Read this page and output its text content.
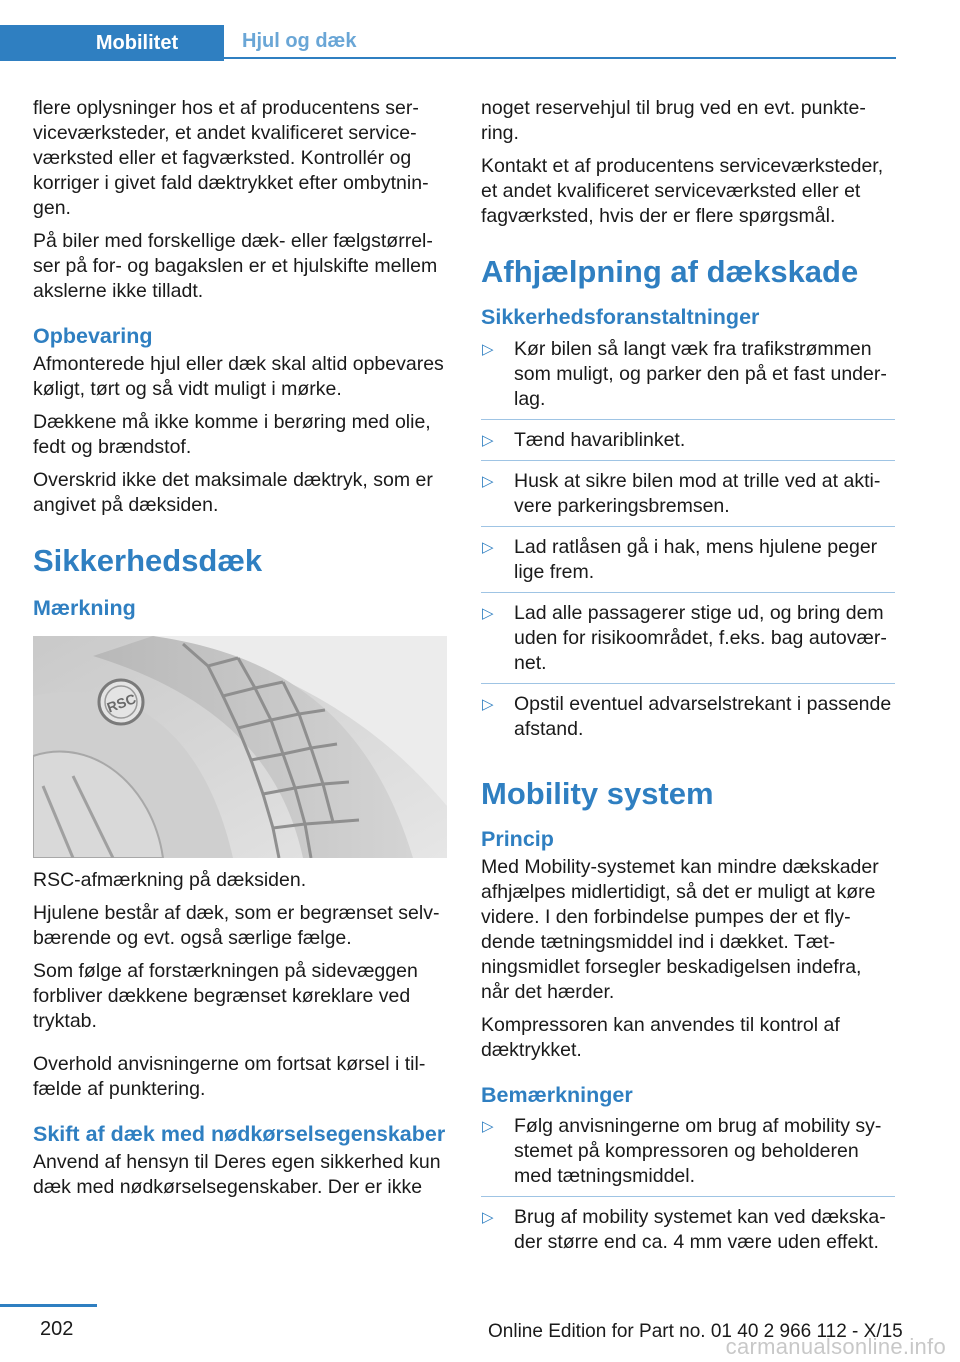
Mobilitet	Hjul og dæk

flere oplysninger hos et af producentens serviceværksteder, et andet kvalificeret serviceværksted eller et fagværksted. Kontrollér og korriger i givet fald dæktrykket efter ombytningen.

På biler med forskellige dæk- eller fælgstørrelser på for- og bagakslen er et hjulskifte mellem akslerne ikke tilladt.

Opbevaring

Afmonterede hjul eller dæk skal altid opbevares køligt, tørt og så vidt muligt i mørke.

Dækkene må ikke komme i berøring med olie, fedt og brændstof.

Overskrid ikke det maksimale dæktryk, som er angivet på dæksiden.

Sikkerhedsdæk
Mærkning
RSC

RSC-afmærkning på dæksiden.

Hjulene består af dæk, som er begrænset selvbærende og evt. også særlige fælge.

Som følge af forstærkningen på sidevæggen forbliver dækkene begrænset køreklare ved tryktab.

Overhold anvisningerne om fortsat kørsel i tilfælde af punktering.

Skift af dæk med nødkørselsegenskaber

Anvend af hensyn til Deres egen sikkerhed kun dæk med nødkørselsegenskaber. Der er ikke

noget reservehjul til brug ved en evt. punktering.

Kontakt et af producentens serviceværksteder, et andet kvalificeret serviceværksted eller et fagværksted, hvis der er flere spørgsmål.

Afhjælpning af dækskade
Sikkerhedsforanstaltninger
▷ Kør bilen så langt væk fra trafikstrømmen som muligt, og parker den på et fast underlag.
▷ Tænd havariblinket.
▷ Husk at sikre bilen mod at trille ved at aktivere parkeringsbremsen.
▷ Lad ratlåsen gå i hak, mens hjulene peger lige frem.
▷ Lad alle passagerer stige ud, og bring dem uden for risikoområdet, f.eks. bag autoværnet.
▷ Opstil eventuel advarselstrekant i passende afstand.
Mobility system
Princip

Med Mobility-systemet kan mindre dækskader afhjælpes midlertidigt, så det er muligt at køre videre. I den forbindelse pumpes der et flydende tætningsmiddel ind i dækket. Tætningsmidlet forsegler beskadigelsen indefra, når det hærder.

Kompressoren kan anvendes til kontrol af dæktrykket.

Bemærkninger
▷ Følg anvisningerne om brug af mobility systemet på kompressoren og beholderen med tætningsmiddel.
▷ Brug af mobility systemet kan ved dækskader større end ca. 4 mm være uden effekt.
202	Online Edition for Part no. 01 40 2 966 112 - X/15
carmanualsonline.info
